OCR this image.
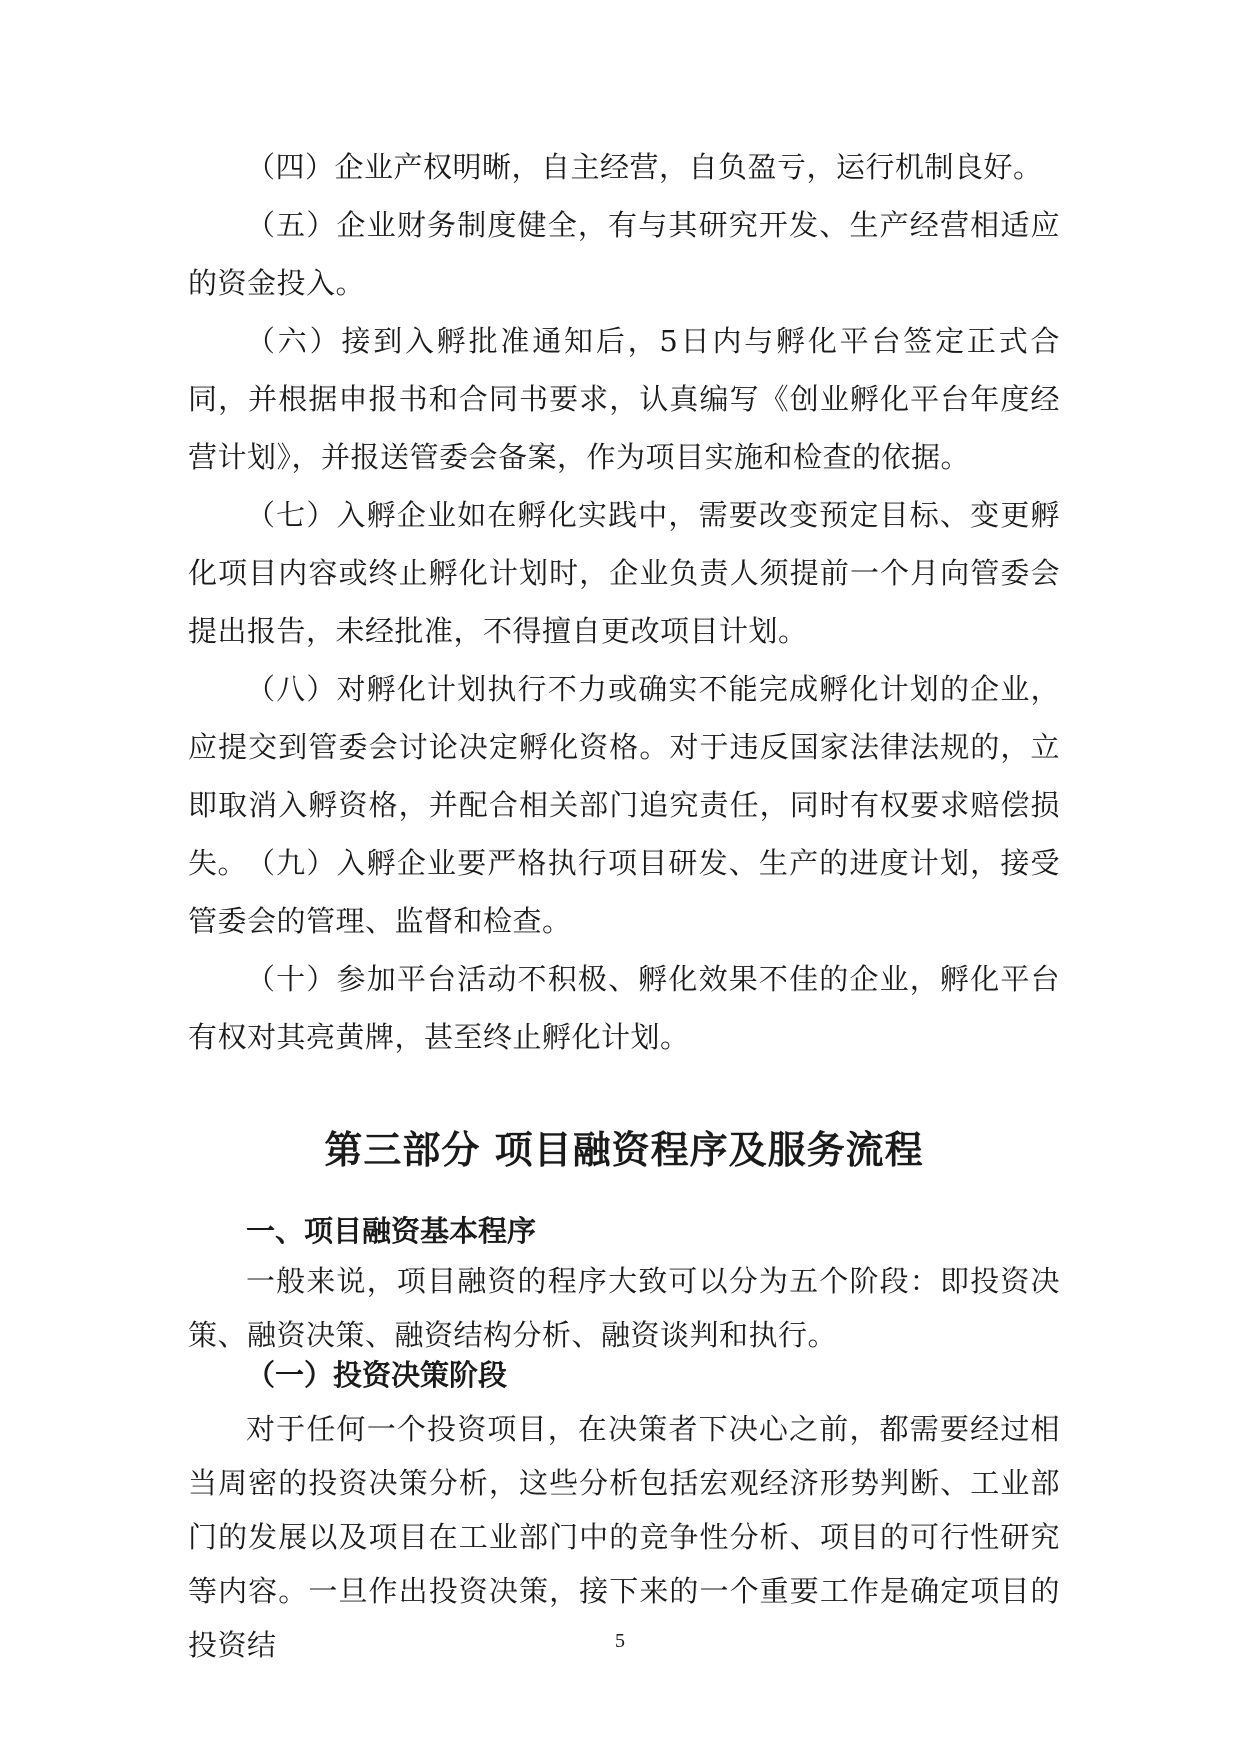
（四）企业产权明晰，自主经营，自负盈亏，运行机制良好。

（五）企业财务制度健全，有与其研究开发、生产经营相适应的资金投入。

（六）接到入孵批准通知后，5日内与孵化平台签定正式合同，并根据申报书和合同书要求，认真编写《创业孵化平台年度经营计划》，并报送管委会备案，作为项目实施和检查的依据。

（七）入孵企业如在孵化实践中，需要改变预定目标、变更孵化项目内容或终止孵化计划时，企业负责人须提前一个月向管委会提出报告，未经批准，不得擅自更改项目计划。

（八）对孵化计划执行不力或确实不能完成孵化计划的企业，应提交到管委会讨论决定孵化资格。对于违反国家法律法规的，立即取消入孵资格，并配合相关部门追究责任，同时有权要求赔偿损失。

（九）入孵企业要严格执行项目研发、生产的进度计划，接受管委会的管理、监督和检查。

（十）参加平台活动不积极、孵化效果不佳的企业，孵化平台有权对其亮黄牌，甚至终止孵化计划。

第三部分 项目融资程序及服务流程
一、项目融资基本程序

一般来说，项目融资的程序大致可以分为五个阶段：即投资决策、融资决策、融资结构分析、融资谈判和执行。

（一）投资决策阶段

对于任何一个投资项目，在决策者下决心之前，都需要经过相当周密的投资决策分析，这些分析包括宏观经济形势判断、工业部门的发展以及项目在工业部门中的竞争性分析、项目的可行性研究等内容。一旦作出投资决策，接下来的一个重要工作是确定项目的投资结	5
